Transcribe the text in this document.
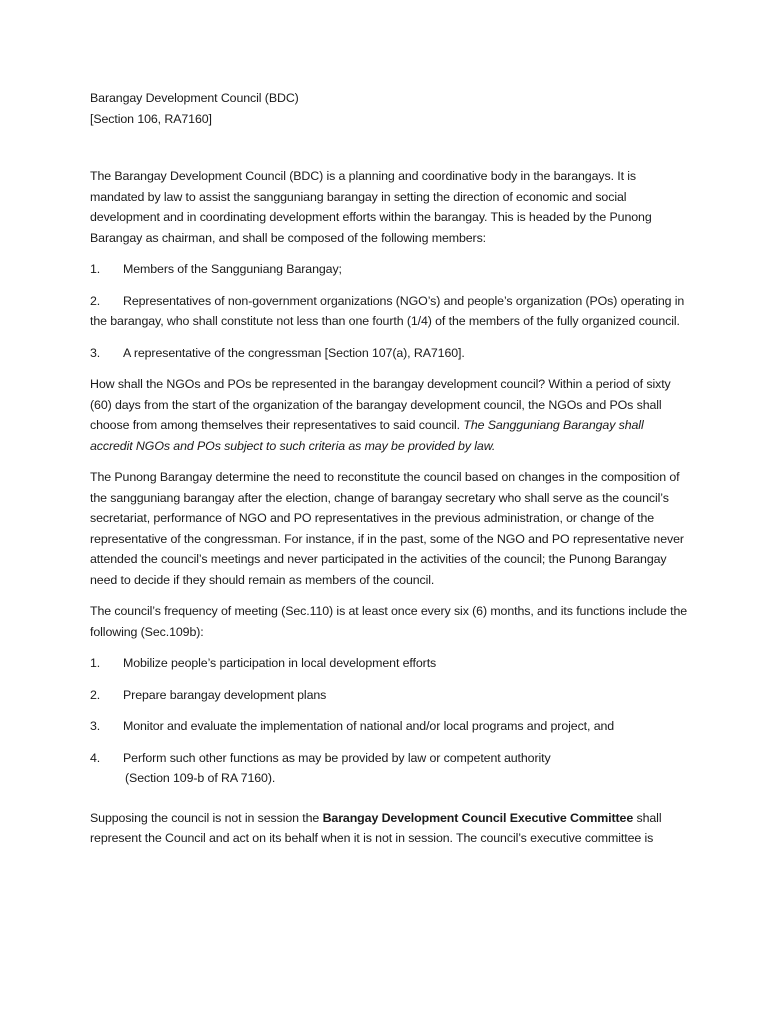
Barangay Development Council (BDC)

[Section 106, RA7160]

The Barangay Development Council (BDC) is a planning and coordinative body in the barangays. It is mandated by law to assist the sangguniang barangay in setting the direction of economic and social development and in coordinating development efforts within the barangay. This is headed by the Punong Barangay as chairman, and shall be composed of the following members:

1.	Members of the Sangguniang Barangay;
2. Representatives of non-government organizations (NGO’s) and people’s organization (POs) operating in the barangay, who shall constitute not less than one fourth (1/4) of the members of the fully organized council.
3.	A representative of the congressman [Section 107(a), RA7160].

How shall the NGOs and POs be represented in the barangay development council? Within a period of sixty (60) days from the start of the organization of the barangay development council, the NGOs and POs shall choose from among themselves their representatives to said council. The Sangguniang Barangay shall accredit NGOs and POs subject to such criteria as may be provided by law.

The Punong Barangay determine the need to reconstitute the council based on changes in the composition of the sangguniang barangay after the election, change of barangay secretary who shall serve as the council’s secretariat, performance of NGO and PO representatives in the previous administration, or change of the representative of the congressman. For instance, if in the past, some of the NGO and PO representative never attended the council’s meetings and never participated in the activities of the council; the Punong Barangay need to decide if they should remain as members of the council.

The council’s frequency of meeting (Sec.110) is at least once every six (6) months, and its functions include the following (Sec.109b):

1.	Mobilize people’s participation in local development efforts
2.	Prepare barangay development plans
3.	Monitor and evaluate the implementation of national and/or local programs and project, and
4.	Perform such other functions as may be provided by law or competent authority
(Section 109-b of RA 7160).

Supposing the council is not in session the Barangay Development Council Executive Committee shall represent the Council and act on its behalf when it is not in session. The council’s executive committee is
